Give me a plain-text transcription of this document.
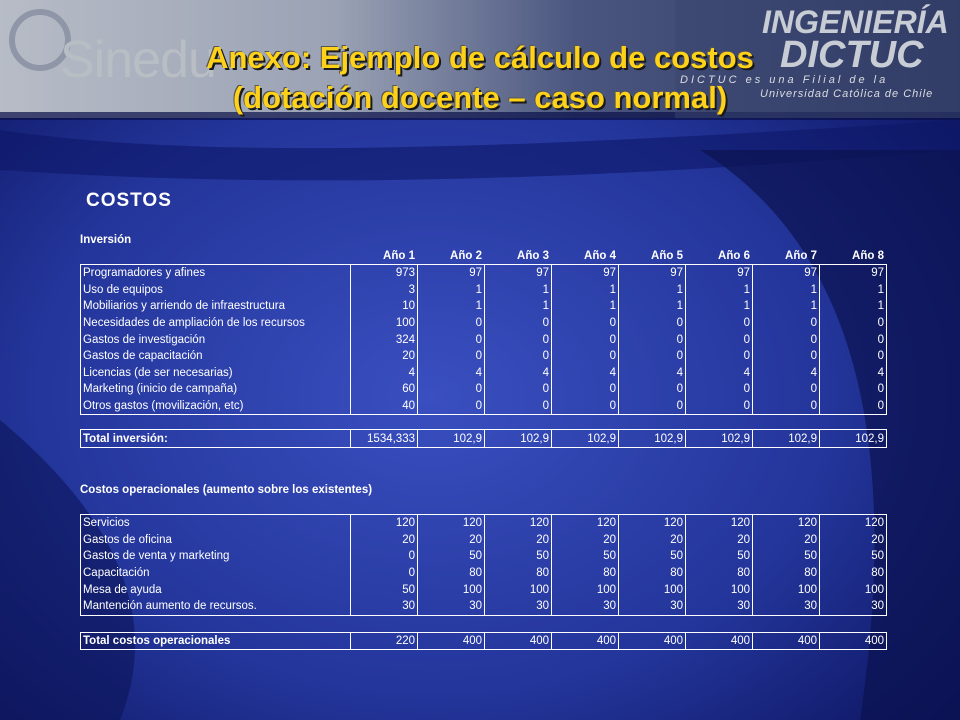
Sinedu
INGENIERÍA
DICTUC
DICTUC es una Filial de la
Universidad Católica de Chile
Anexo: Ejemplo de cálculo de costos
(dotación docente – caso normal)
COSTOS
Inversión
	Año 1	Año 2	Año 3	Año 4	Año 5	Año 6	Año 7	Año 8
Programadores y afines	973	97	97	97	97	97	97	97
Uso de equipos	3	1	1	1	1	1	1	1
Mobiliarios y arriendo de infraestructura	10	1	1	1	1	1	1	1
Necesidades de ampliación de los recursos	100	0	0	0	0	0	0	0
Gastos de investigación	324	0	0	0	0	0	0	0
Gastos de capacitación	20	0	0	0	0	0	0	0
Licencias (de ser necesarias)	4	4	4	4	4	4	4	4
Marketing (inicio de campaña)	60	0	0	0	0	0	0	0
Otros gastos (movilización, etc)	40	0	0	0	0	0	0	0
Total inversión:	1534,333	102,9	102,9	102,9	102,9	102,9	102,9	102,9
Costos operacionales (aumento sobre los existentes)
Servicios	120	120	120	120	120	120	120	120
Gastos de oficina	20	20	20	20	20	20	20	20
Gastos de venta y marketing	0	50	50	50	50	50	50	50
Capacitación	0	80	80	80	80	80	80	80
Mesa de ayuda	50	100	100	100	100	100	100	100
Mantención aumento de recursos.	30	30	30	30	30	30	30	30
Total costos operacionales	220	400	400	400	400	400	400	400
